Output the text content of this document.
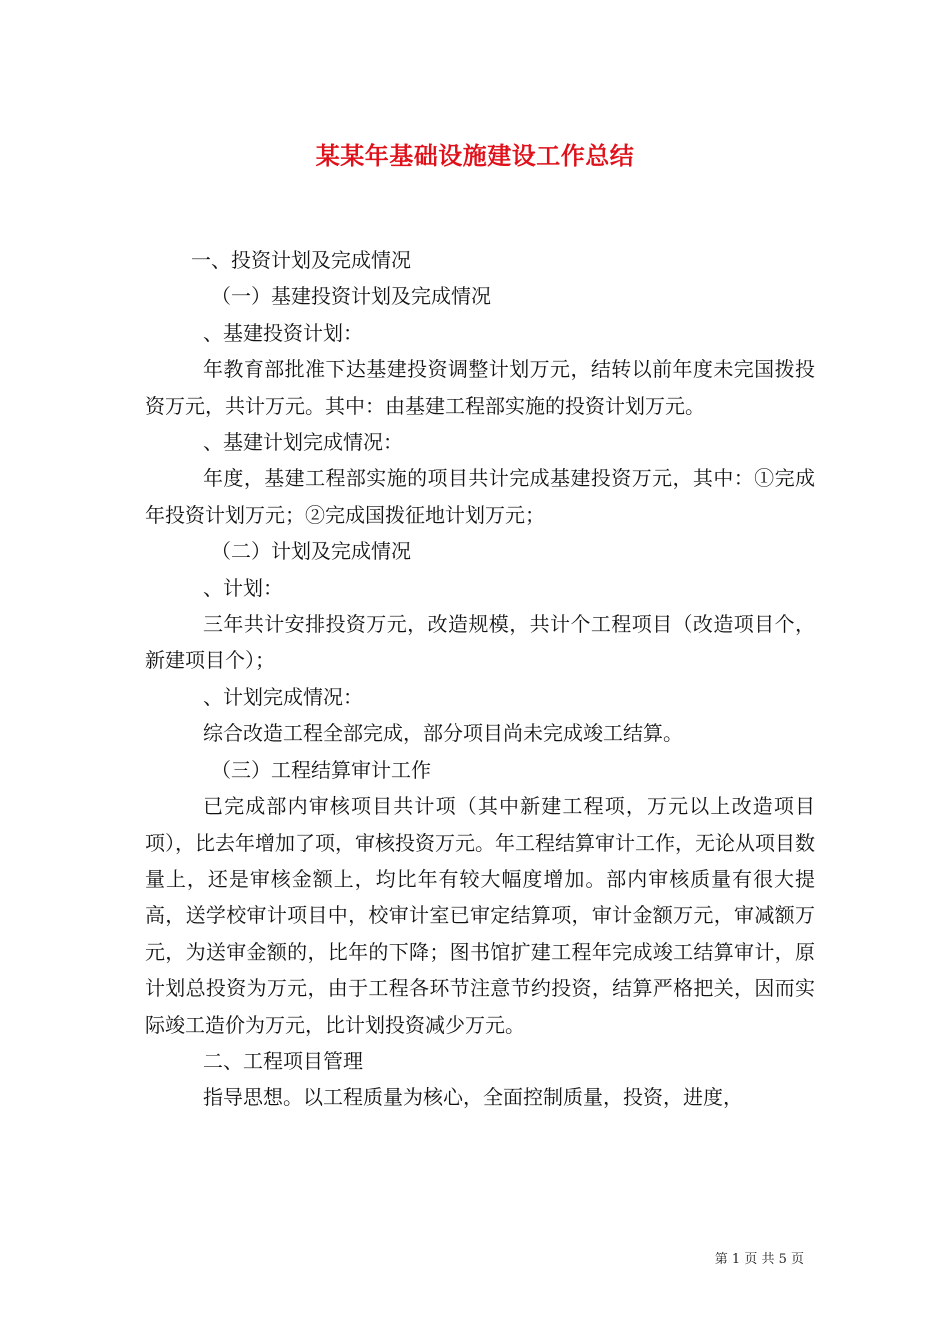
某某年基础设施建设工作总结

一、投资计划及完成情况

（一）基建投资计划及完成情况

、基建投资计划：

年教育部批准下达基建投资调整计划万元，结转以前年度未完国拨投资万元，共计万元。其中：由基建工程部实施的投资计划万元。

、基建计划完成情况：

年度，基建工程部实施的项目共计完成基建投资万元，其中：①完成年投资计划万元；②完成国拨征地计划万元；

（二）计划及完成情况

、计划：

三年共计安排投资万元，改造规模，共计个工程项目（改造项目个，新建项目个）；

、计划完成情况：

综合改造工程全部完成，部分项目尚未完成竣工结算。

（三）工程结算审计工作

已完成部内审核项目共计项（其中新建工程项，万元以上改造项目项），比去年增加了项，审核投资万元。年工程结算审计工作，无论从项目数量上，还是审核金额上，均比年有较大幅度增加。部内审核质量有很大提高，送学校审计项目中，校审计室已审定结算项，审计金额万元，审减额万元，为送审金额的，比年的下降；图书馆扩建工程年完成竣工结算审计，原计划总投资为万元，由于工程各环节注意节约投资，结算严格把关，因而实际竣工造价为万元，比计划投资减少万元。

二、工程项目管理

指导思想。以工程质量为核心，全面控制质量，投资，进度，

第 1 页 共 5 页
